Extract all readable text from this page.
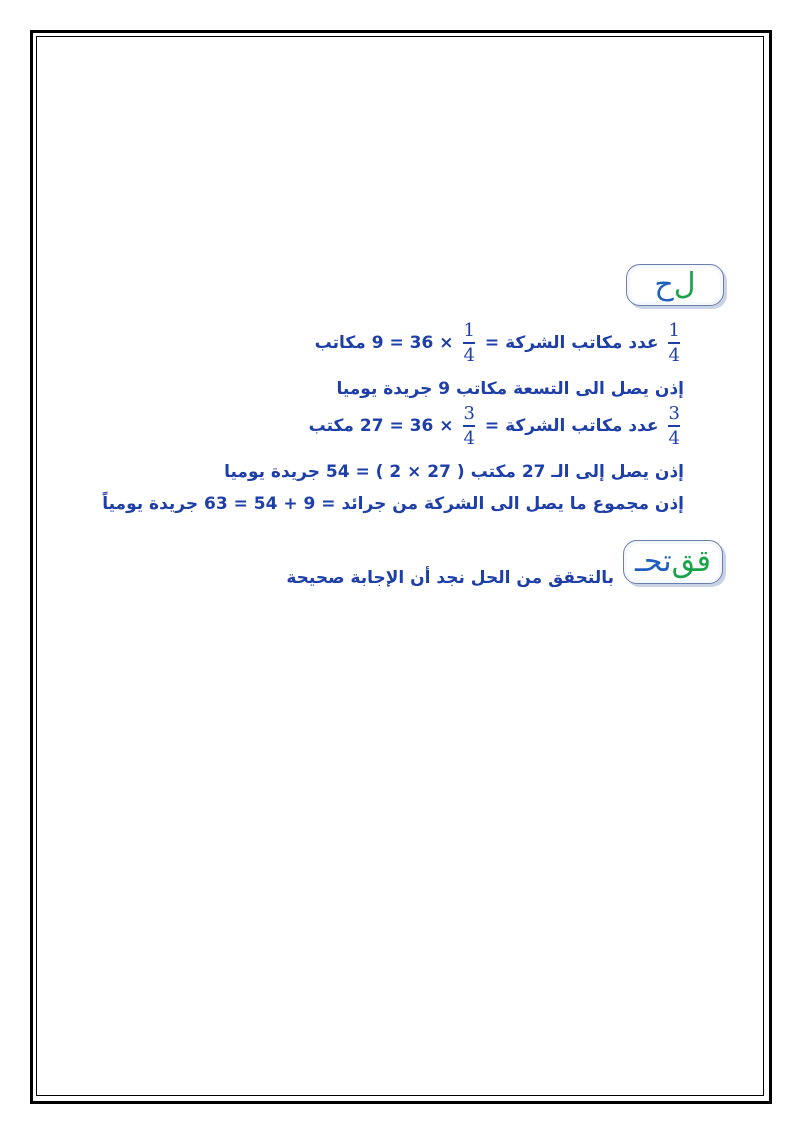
ح ل
$\frac{1}{4}$
عدد مكاتب الشركة =
$\frac{1}{4}$
× 36 = 9 مكاتب
إذن يصل الى التسعة مكاتب 9 جريدة يوميا
$\frac{3}{4}$
عدد مكاتب الشركة =
$\frac{3}{4}$
× 36 = 27 مكتب
إذن يصل إلى الـ 27 مكتب ( 27 × 2 ) = 54 جريدة يوميا
إذن مجموع ما يصل الى الشركة من جرائد = 9 + 54 = 63 جريدة يومياً
تحـ قق
بالتحقق من الحل نجد أن الإجابة صحيحة
